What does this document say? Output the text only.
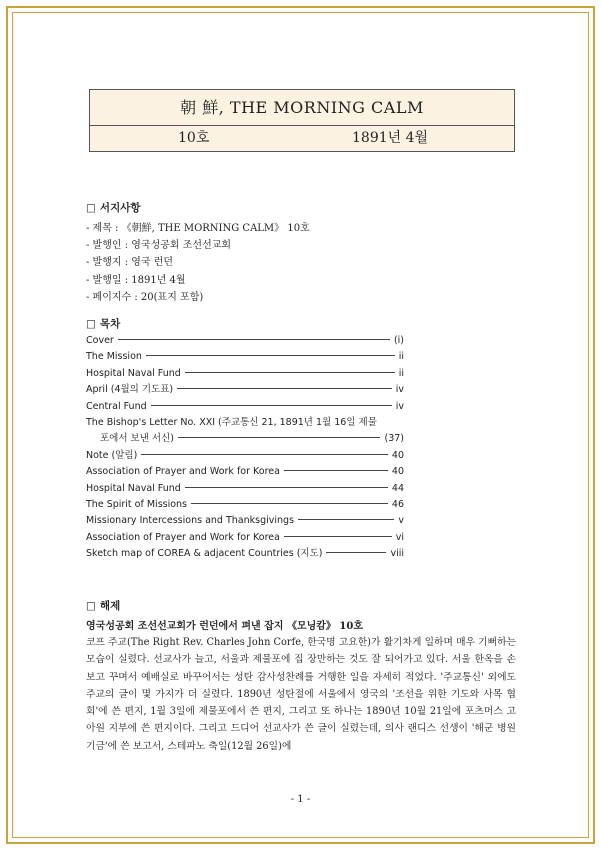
朝 鮮, THE MORNING CALM
10호	1891년 4월
□ 서지사항
- 제목 : 《朝鮮, THE MORNING CALM》 10호
- 발행인 : 영국성공회 조선선교회
- 발행지 : 영국 런던
- 발행일 : 1891년 4월
- 페이지수 : 20(표지 포함)
□ 목차
Cover	(i)
The Mission	ii
Hospital Naval Fund	ii
April (4월의 기도표)	iv
Central Fund	iv
The Bishop's Letter No. XXI (주교통신 21, 1891년 1월 16일 제물
포에서 보낸 서신)	(37)
Note (알림)	40
Association of Prayer and Work for Korea	40
Hospital Naval Fund	44
The Spirit of Missions	46
Missionary Intercessions and Thanksgivings	v
Association of Prayer and Work for Korea	vi
Sketch map of COREA & adjacent Countries (지도)	viii
□ 해제
영국성공회 조선선교회가 런던에서 펴낸 잡지 《모닝캄》 10호
코프 주교(The Right Rev. Charles John Corfe, 한국명 고요한)가 활기차게 일하며 매우 기뻐하는 모습이 실렸다. 선교사가 늘고, 서울과 제물포에 집 장만하는 것도 잘 되어가고 있다. 서울 한옥을 손보고 꾸며서 예배실로 바꾸어서는 성탄 감사성찬례를 거행한 일을 자세히 적었다. '주교통신' 외에도 주교의 글이 몇 가지가 더 실렸다. 1890년 성탄절에 서울에서 영국의 '조선을 위한 기도와 사목 협회'에 쓴 편지, 1월 3일에 제물포에서 쓴 편지, 그리고 또 하나는 1890년 10월 21일에 포츠머스 고아원 지부에 쓴 편지이다. 그리고 드디어 선교사가 쓴 글이 실렸는데, 의사 랜디스 선생이 '해군 병원 기금'에 쓴 보고서, 스테파노 축일(12월 26일)에
- 1 -
